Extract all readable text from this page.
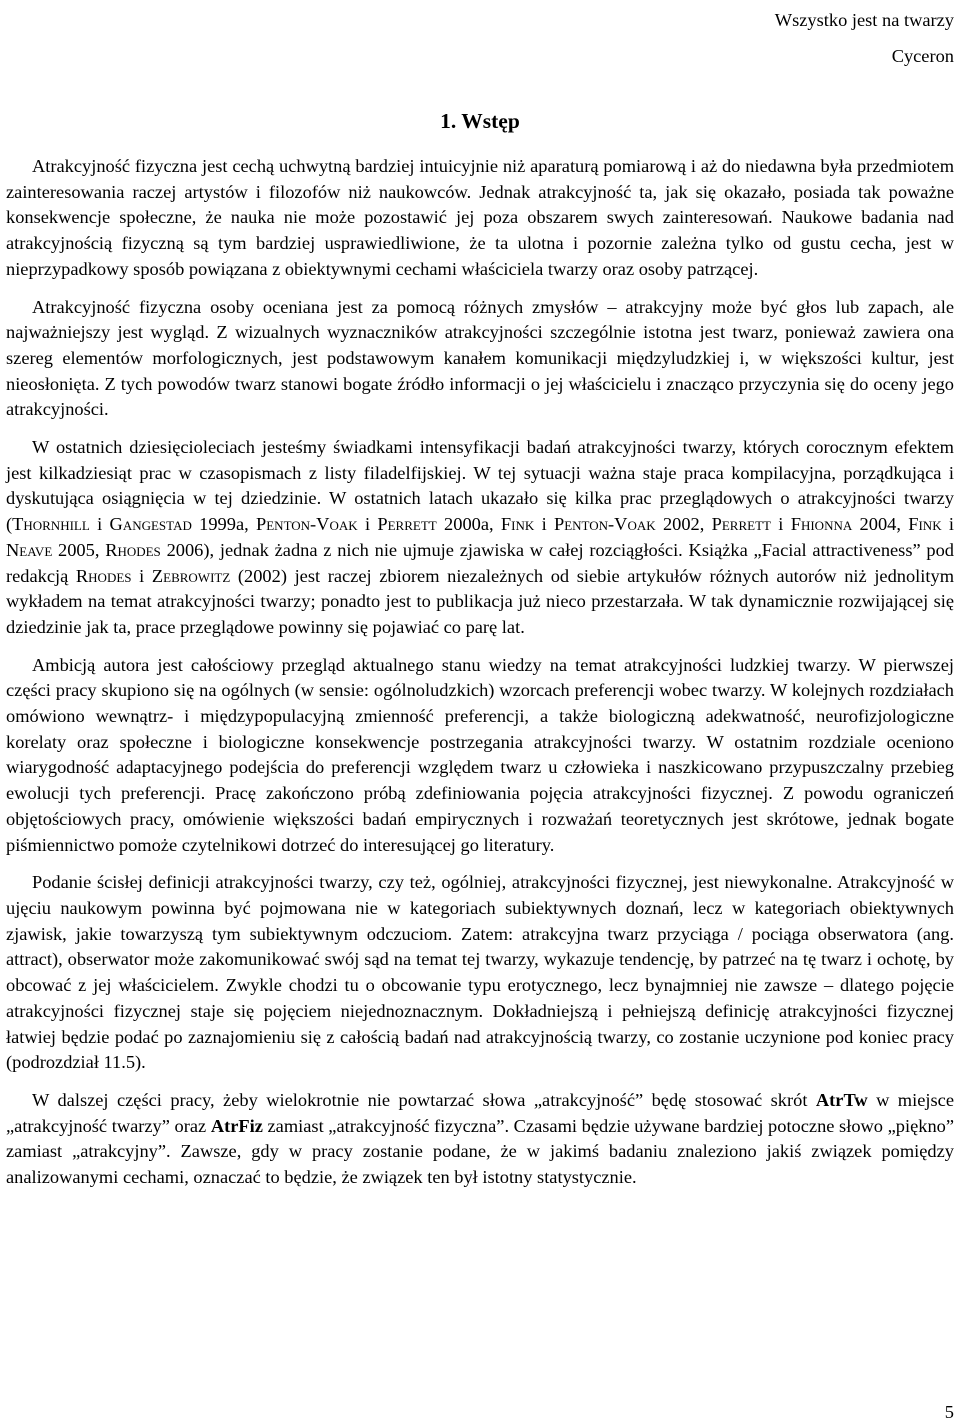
Wszystko jest na twarzy
Cyceron
1. Wstęp

Atrakcyjność fizyczna jest cechą uchwytną bardziej intuicyjnie niż aparaturą pomiarową i aż do niedawna była przedmiotem zainteresowania raczej artystów i filozofów niż naukowców. Jednak atrakcyjność ta, jak się okazało, posiada tak poważne konsekwencje społeczne, że nauka nie może pozostawić jej poza obszarem swych zainteresowań. Naukowe badania nad atrakcyjnością fizyczną są tym bardziej usprawiedliwione, że ta ulotna i pozornie zależna tylko od gustu cecha, jest w nieprzypadkowy sposób powiązana z obiektywnymi cechami właściciela twarzy oraz osoby patrzącej.

Atrakcyjność fizyczna osoby oceniana jest za pomocą różnych zmysłów – atrakcyjny może być głos lub zapach, ale najważniejszy jest wygląd. Z wizualnych wyznaczników atrakcyjności szczególnie istotna jest twarz, ponieważ zawiera ona szereg elementów morfologicznych, jest podstawowym kanałem komunikacji międzyludzkiej i, w większości kultur, jest nieosłonięta. Z tych powodów twarz stanowi bogate źródło informacji o jej właścicielu i znacząco przyczynia się do oceny jego atrakcyjności.

W ostatnich dziesięcioleciach jesteśmy świadkami intensyfikacji badań atrakcyjności twarzy, których corocznym efektem jest kilkadziesiąt prac w czasopismach z listy filadelfijskiej. W tej sytuacji ważna staje praca kompilacyjna, porządkująca i dyskutująca osiągnięcia w tej dziedzinie. W ostatnich latach ukazało się kilka prac przeglądowych o atrakcyjności twarzy (Thornhill i Gangestad 1999a, Penton-Voak i Perrett 2000a, Fink i Penton-Voak 2002, Perrett i Fhionna 2004, Fink i Neave 2005, Rhodes 2006), jednak żadna z nich nie ujmuje zjawiska w całej rozciągłości. Książka „Facial attractiveness” pod redakcją Rhodes i Zebrowitz (2002) jest raczej zbiorem niezależnych od siebie artykułów różnych autorów niż jednolitym wykładem na temat atrakcyjności twarzy; ponadto jest to publikacja już nieco przestarzała. W tak dynamicznie rozwijającej się dziedzinie jak ta, prace przeglądowe powinny się pojawiać co parę lat.

Ambicją autora jest całościowy przegląd aktualnego stanu wiedzy na temat atrakcyjności ludzkiej twarzy. W pierwszej części pracy skupiono się na ogólnych (w sensie: ogólnoludzkich) wzorcach preferencji wobec twarzy. W kolejnych rozdziałach omówiono wewnątrz- i międzypopulacyjną zmienność preferencji, a także biologiczną adekwatność, neurofizjologiczne korelaty oraz społeczne i biologiczne konsekwencje postrzegania atrakcyjności twarzy. W ostatnim rozdziale oceniono wiarygodność adaptacyjnego podejścia do preferencji względem twarz u człowieka i naszkicowano przypuszczalny przebieg ewolucji tych preferencji. Pracę zakończono próbą zdefiniowania pojęcia atrakcyjności fizycznej. Z powodu ograniczeń objętościowych pracy, omówienie większości badań empirycznych i rozważań teoretycznych jest skrótowe, jednak bogate piśmiennictwo pomoże czytelnikowi dotrzeć do interesującej go literatury.

Podanie ścisłej definicji atrakcyjności twarzy, czy też, ogólniej, atrakcyjności fizycznej, jest niewykonalne. Atrakcyjność w ujęciu naukowym powinna być pojmowana nie w kategoriach subiektywnych doznań, lecz w kategoriach obiektywnych zjawisk, jakie towarzyszą tym subiektywnym odczuciom. Zatem: atrakcyjna twarz przyciąga / pociąga obserwatora (ang. attract), obserwator może zakomunikować swój sąd na temat tej twarzy, wykazuje tendencję, by patrzeć na tę twarz i ochotę, by obcować z jej właścicielem. Zwykle chodzi tu o obcowanie typu erotycznego, lecz bynajmniej nie zawsze – dlatego pojęcie atrakcyjności fizycznej staje się pojęciem niejednoznacznym. Dokładniejszą i pełniejszą definicję atrakcyjności fizycznej łatwiej będzie podać po zaznajomieniu się z całością badań nad atrakcyjnością twarzy, co zostanie uczynione pod koniec pracy (podrozdział 11.5).

W dalszej części pracy, żeby wielokrotnie nie powtarzać słowa „atrakcyjność” będę stosować skrót AtrTw w miejsce „atrakcyjność twarzy” oraz AtrFiz zamiast „atrakcyjność fizyczna”. Czasami będzie używane bardziej potoczne słowo „piękno” zamiast „atrakcyjny”. Zawsze, gdy w pracy zostanie podane, że w jakimś badaniu znaleziono jakiś związek pomiędzy analizowanymi cechami, oznaczać to będzie, że związek ten był istotny statystycznie.

5
